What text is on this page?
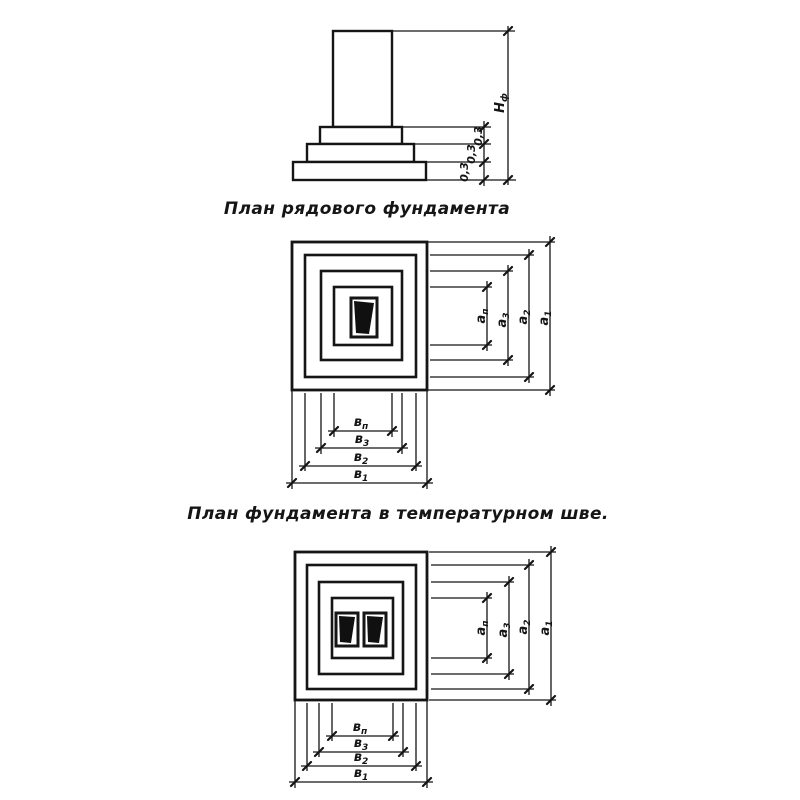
0,3
0,3
0,3
$Н_ф$
План рядового фундамента
$а_п$
$а_3$
$а_2$
$а_1$
$в_п$
$в_3$
$в_2$
$в_1$
План фундамента в температурном шве.
$а_п$
$а_3$
$а_2$
$а_1$
$в_п$
$в_3$
$в_2$
$в_1$
